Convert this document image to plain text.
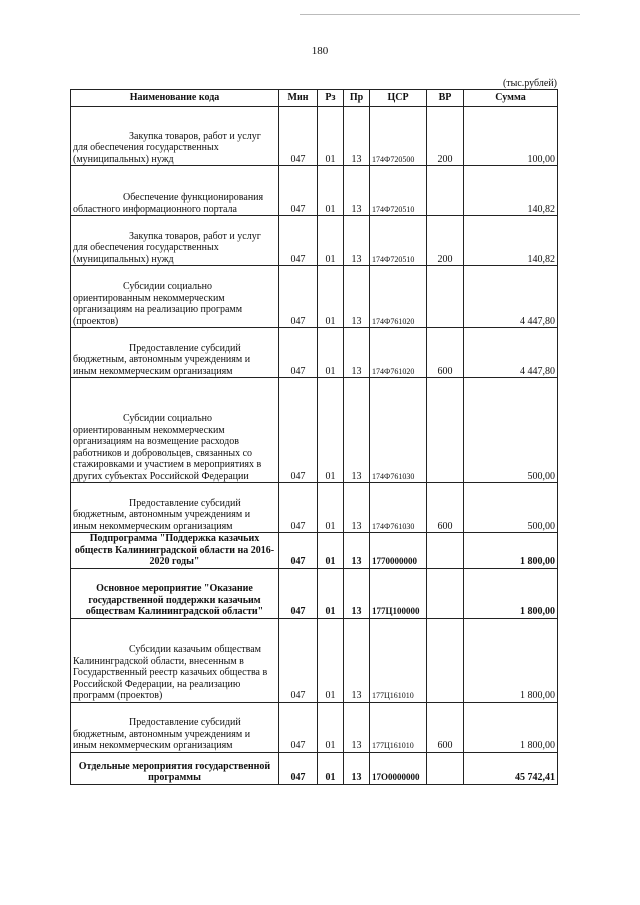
180
(тыс.рублей)
Наименование кода	Мин	Рз	Пр	ЦСР	ВР	Сумма
Закупка товаров, работ и услуг для обеспечения государственных (муниципальных) нужд	047	01	13	174Ф720500	200	100,00
Обеспечение функционирования областного информационного портала	047	01	13	174Ф720510		140,82
Закупка товаров, работ и услуг для обеспечения государственных (муниципальных) нужд	047	01	13	174Ф720510	200	140,82
Субсидии социально ориентированным некоммерческим организациям на реализацию программ (проектов)	047	01	13	174Ф761020		4 447,80
Предоставление субсидий бюджетным, автономным учреждениям и иным некоммерческим организациям	047	01	13	174Ф761020	600	4 447,80
Субсидии социально ориентированным некоммерческим организациям на возмещение расходов работников и добровольцев, связанных со стажировками и участием в мероприятиях в других субъектах Российской Федерации	047	01	13	174Ф761030		500,00
Предоставление субсидий бюджетным, автономным учреждениям и иным некоммерческим организациям	047	01	13	174Ф761030	600	500,00
Подпрограмма "Поддержка казачьих обществ Калининградской области на 2016-2020 годы"	047	01	13	1770000000		1 800,00
Основное мероприятие "Оказание государственной поддержки казачьим обществам Калининградской области"	047	01	13	177Ц100000		1 800,00
Субсидии казачьим обществам Калининградской области, внесенным в Государственный реестр казачьих общества в Российской Федерации, на реализацию программ (проектов)	047	01	13	177Ц161010		1 800,00
Предоставление субсидий бюджетным, автономным учреждениям и иным некоммерческим организациям	047	01	13	177Ц161010	600	1 800,00
Отдельные мероприятия государственной программы	047	01	13	17О0000000		45 742,41
